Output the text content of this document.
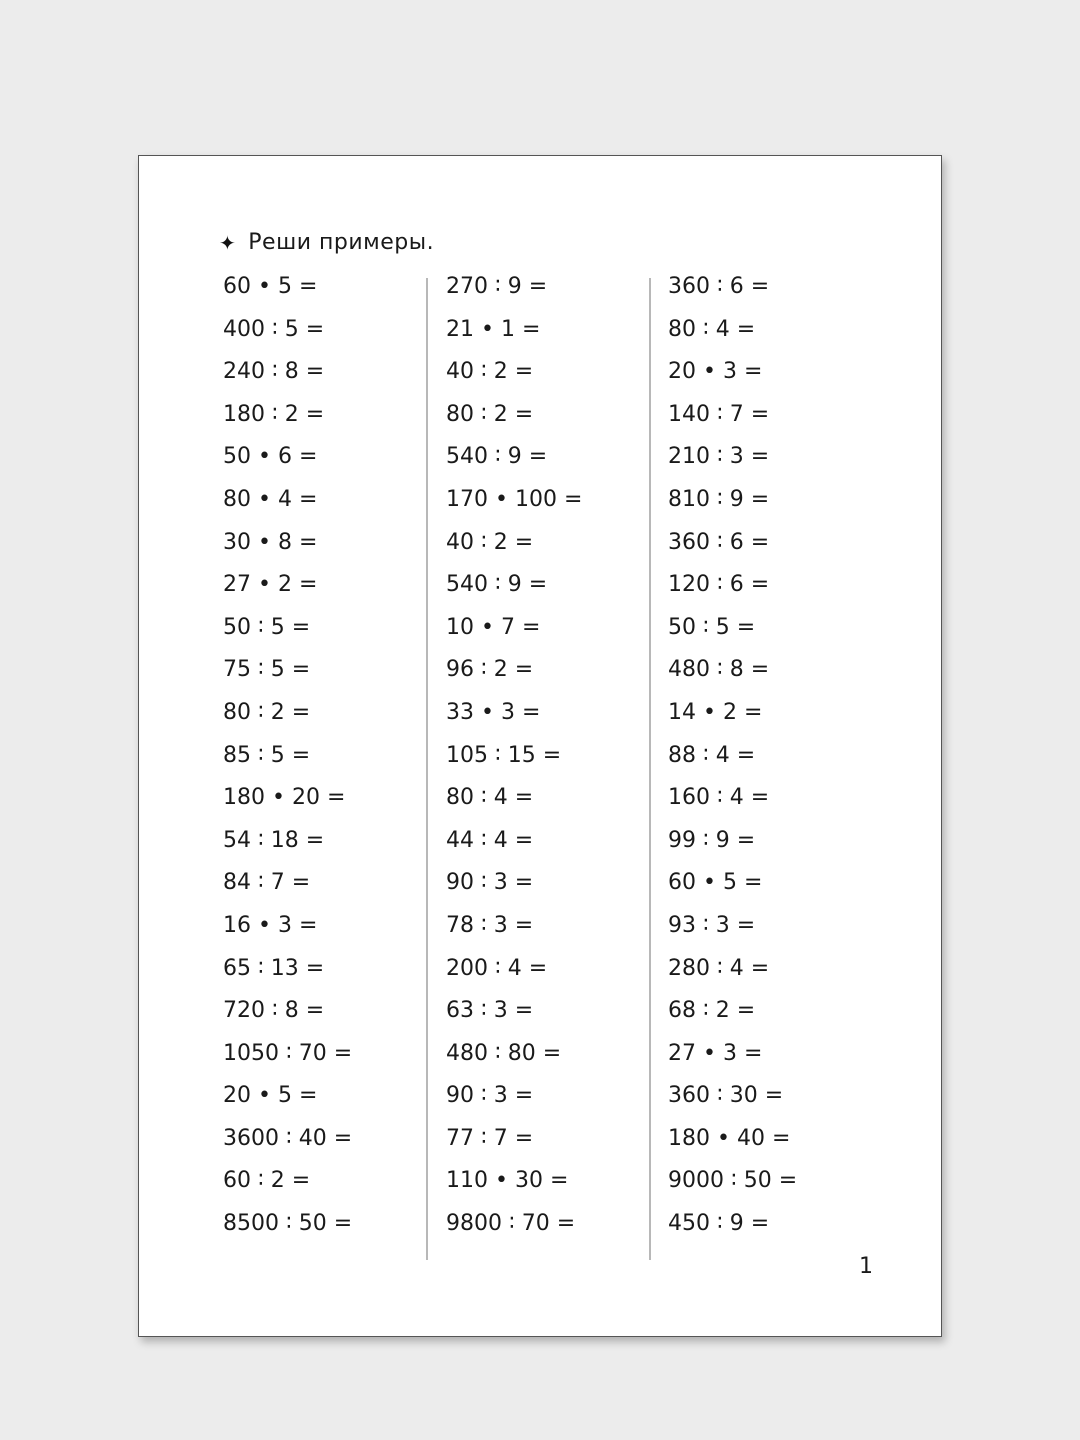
✦ Реши примеры.
60 • 5 =
400 ∶ 5 =
240 ∶ 8 =
180 ∶ 2 =
50 • 6 =
80 • 4 =
30 • 8 =
27 • 2 =
50 ∶ 5 =
75 ∶ 5 =
80 ∶ 2 =
85 ∶ 5 =
180 • 20 =
54 ∶ 18 =
84 ∶ 7 =
16 • 3 =
65 ∶ 13 =
720 ∶ 8 =
1050 ∶ 70 =
20 • 5 =
3600 ∶ 40 =
60 ∶ 2 =
8500 ∶ 50 =
270 ∶ 9 =
21 • 1 =
40 ∶ 2 =
80 ∶ 2 =
540 ∶ 9 =
170 • 100 =
40 ∶ 2 =
540 ∶ 9 =
10 • 7 =
96 ∶ 2 =
33 • 3 =
105 ∶ 15 =
80 ∶ 4 =
44 ∶ 4 =
90 ∶ 3 =
78 ∶ 3 =
200 ∶ 4 =
63 ∶ 3 =
480 ∶ 80 =
90 ∶ 3 =
77 ∶ 7 =
110 • 30 =
9800 ∶ 70 =
360 ∶ 6 =
80 ∶ 4 =
20 • 3 =
140 ∶ 7 =
210 ∶ 3 =
810 ∶ 9 =
360 ∶ 6 =
120 ∶ 6 =
50 ∶ 5 =
480 ∶ 8 =
14 • 2 =
88 ∶ 4 =
160 ∶ 4 =
99 ∶ 9 =
60 • 5 =
93 ∶ 3 =
280 ∶ 4 =
68 ∶ 2 =
27 • 3 =
360 ∶ 30 =
180 • 40 =
9000 ∶ 50 =
450 ∶ 9 =
1
